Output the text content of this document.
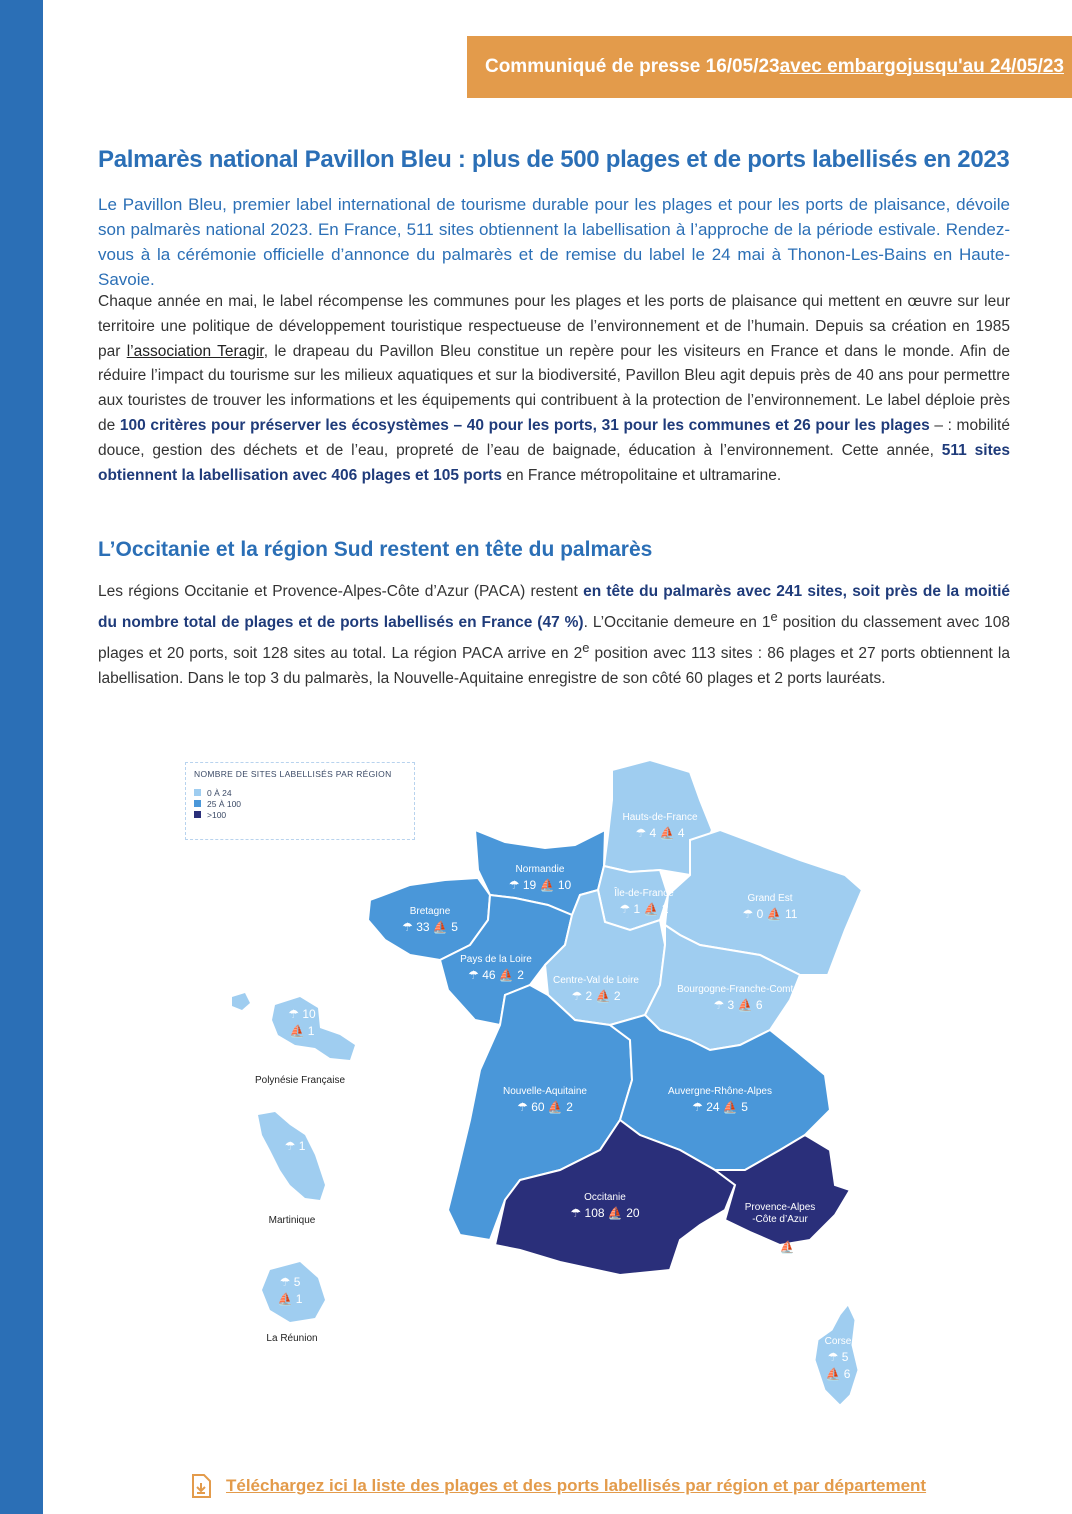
Communiqué de presse 16/05/23 avec embargo jusqu'au 24/05/23
Palmarès national Pavillon Bleu : plus de 500 plages et de ports labellisés en 2023

Le Pavillon Bleu, premier label international de tourisme durable pour les plages et pour les ports de plaisance, dévoile son palmarès national 2023. En France, 511 sites obtiennent la labellisation à l’approche de la période estivale. Rendez-vous à la cérémonie officielle d’annonce du palmarès et de remise du label le 24 mai à Thonon-Les-Bains en Haute-Savoie.

Chaque année en mai, le label récompense les communes pour les plages et les ports de plaisance qui mettent en œuvre sur leur territoire une politique de développement touristique respectueuse de l’environnement et de l’humain. Depuis sa création en 1985 par l’association Teragir, le drapeau du Pavillon Bleu constitue un repère pour les visiteurs en France et dans le monde. Afin de réduire l’impact du tourisme sur les milieux aquatiques et sur la biodiversité, Pavillon Bleu agit depuis près de 40 ans pour permettre aux touristes de trouver les informations et les équipements qui contribuent à la protection de l’environnement. Le label déploie près de 100 critères pour préserver les écosystèmes – 40 pour les ports, 31 pour les communes et 26 pour les plages – : mobilité douce, gestion des déchets et de l’eau, propreté de l’eau de baignade, éducation à l’environnement. Cette année, 511 sites obtiennent la labellisation avec 406 plages et 105 ports en France métropolitaine et ultramarine.

L’Occitanie et la région Sud restent en tête du palmarès

Les régions Occitanie et Provence-Alpes-Côte d’Azur (PACA) restent en tête du palmarès avec 241 sites, soit près de la moitié du nombre total de plages et de ports labellisés en France (47 %). L’Occitanie demeure en 1e position du classement avec 108 plages et 20 ports, soit 128 sites au total. La région PACA arrive en 2e position avec 113 sites : 86 plages et 27 ports obtiennent la labellisation. Dans le top 3 du palmarès, la Nouvelle-Aquitaine enregistre de son côté 60 plages et 2 ports lauréats.

NOMBRE DE SITES LABELLISÉS PAR RÉGION
0 À 24
25 À 100
>100	Hauts-de-France
☂ 4 ⛵ 4
Normandie
☂ 19 ⛵ 10
Île-de-France
☂ 1 ⛵ 2
Grand Est
☂ 0 ⛵ 11
Bretagne
☂ 33 ⛵ 5
Pays de la Loire
☂ 46 ⛵ 2	Centre-Val de Loire
☂ 2 ⛵ 2	Bourgogne-Franche-Comté
☂ 3 ⛵ 6
Nouvelle-Aquitaine
☂ 60 ⛵ 2
Auvergne-Rhône-Alpes
☂ 24 ⛵ 5
Occitanie
☂ 108 ⛵ 20	Provence-Alpes
-Côte d’Azur

☂ 86 ⛵ 27

Corse
☂ 5
⛵ 6
☂ 10
⛵ 1
Polynésie Française
☂ 1
Martinique
☂ 5
⛵ 1
La Réunion
Téléchargez ici la liste des plages et des ports labellisés par région et par département
